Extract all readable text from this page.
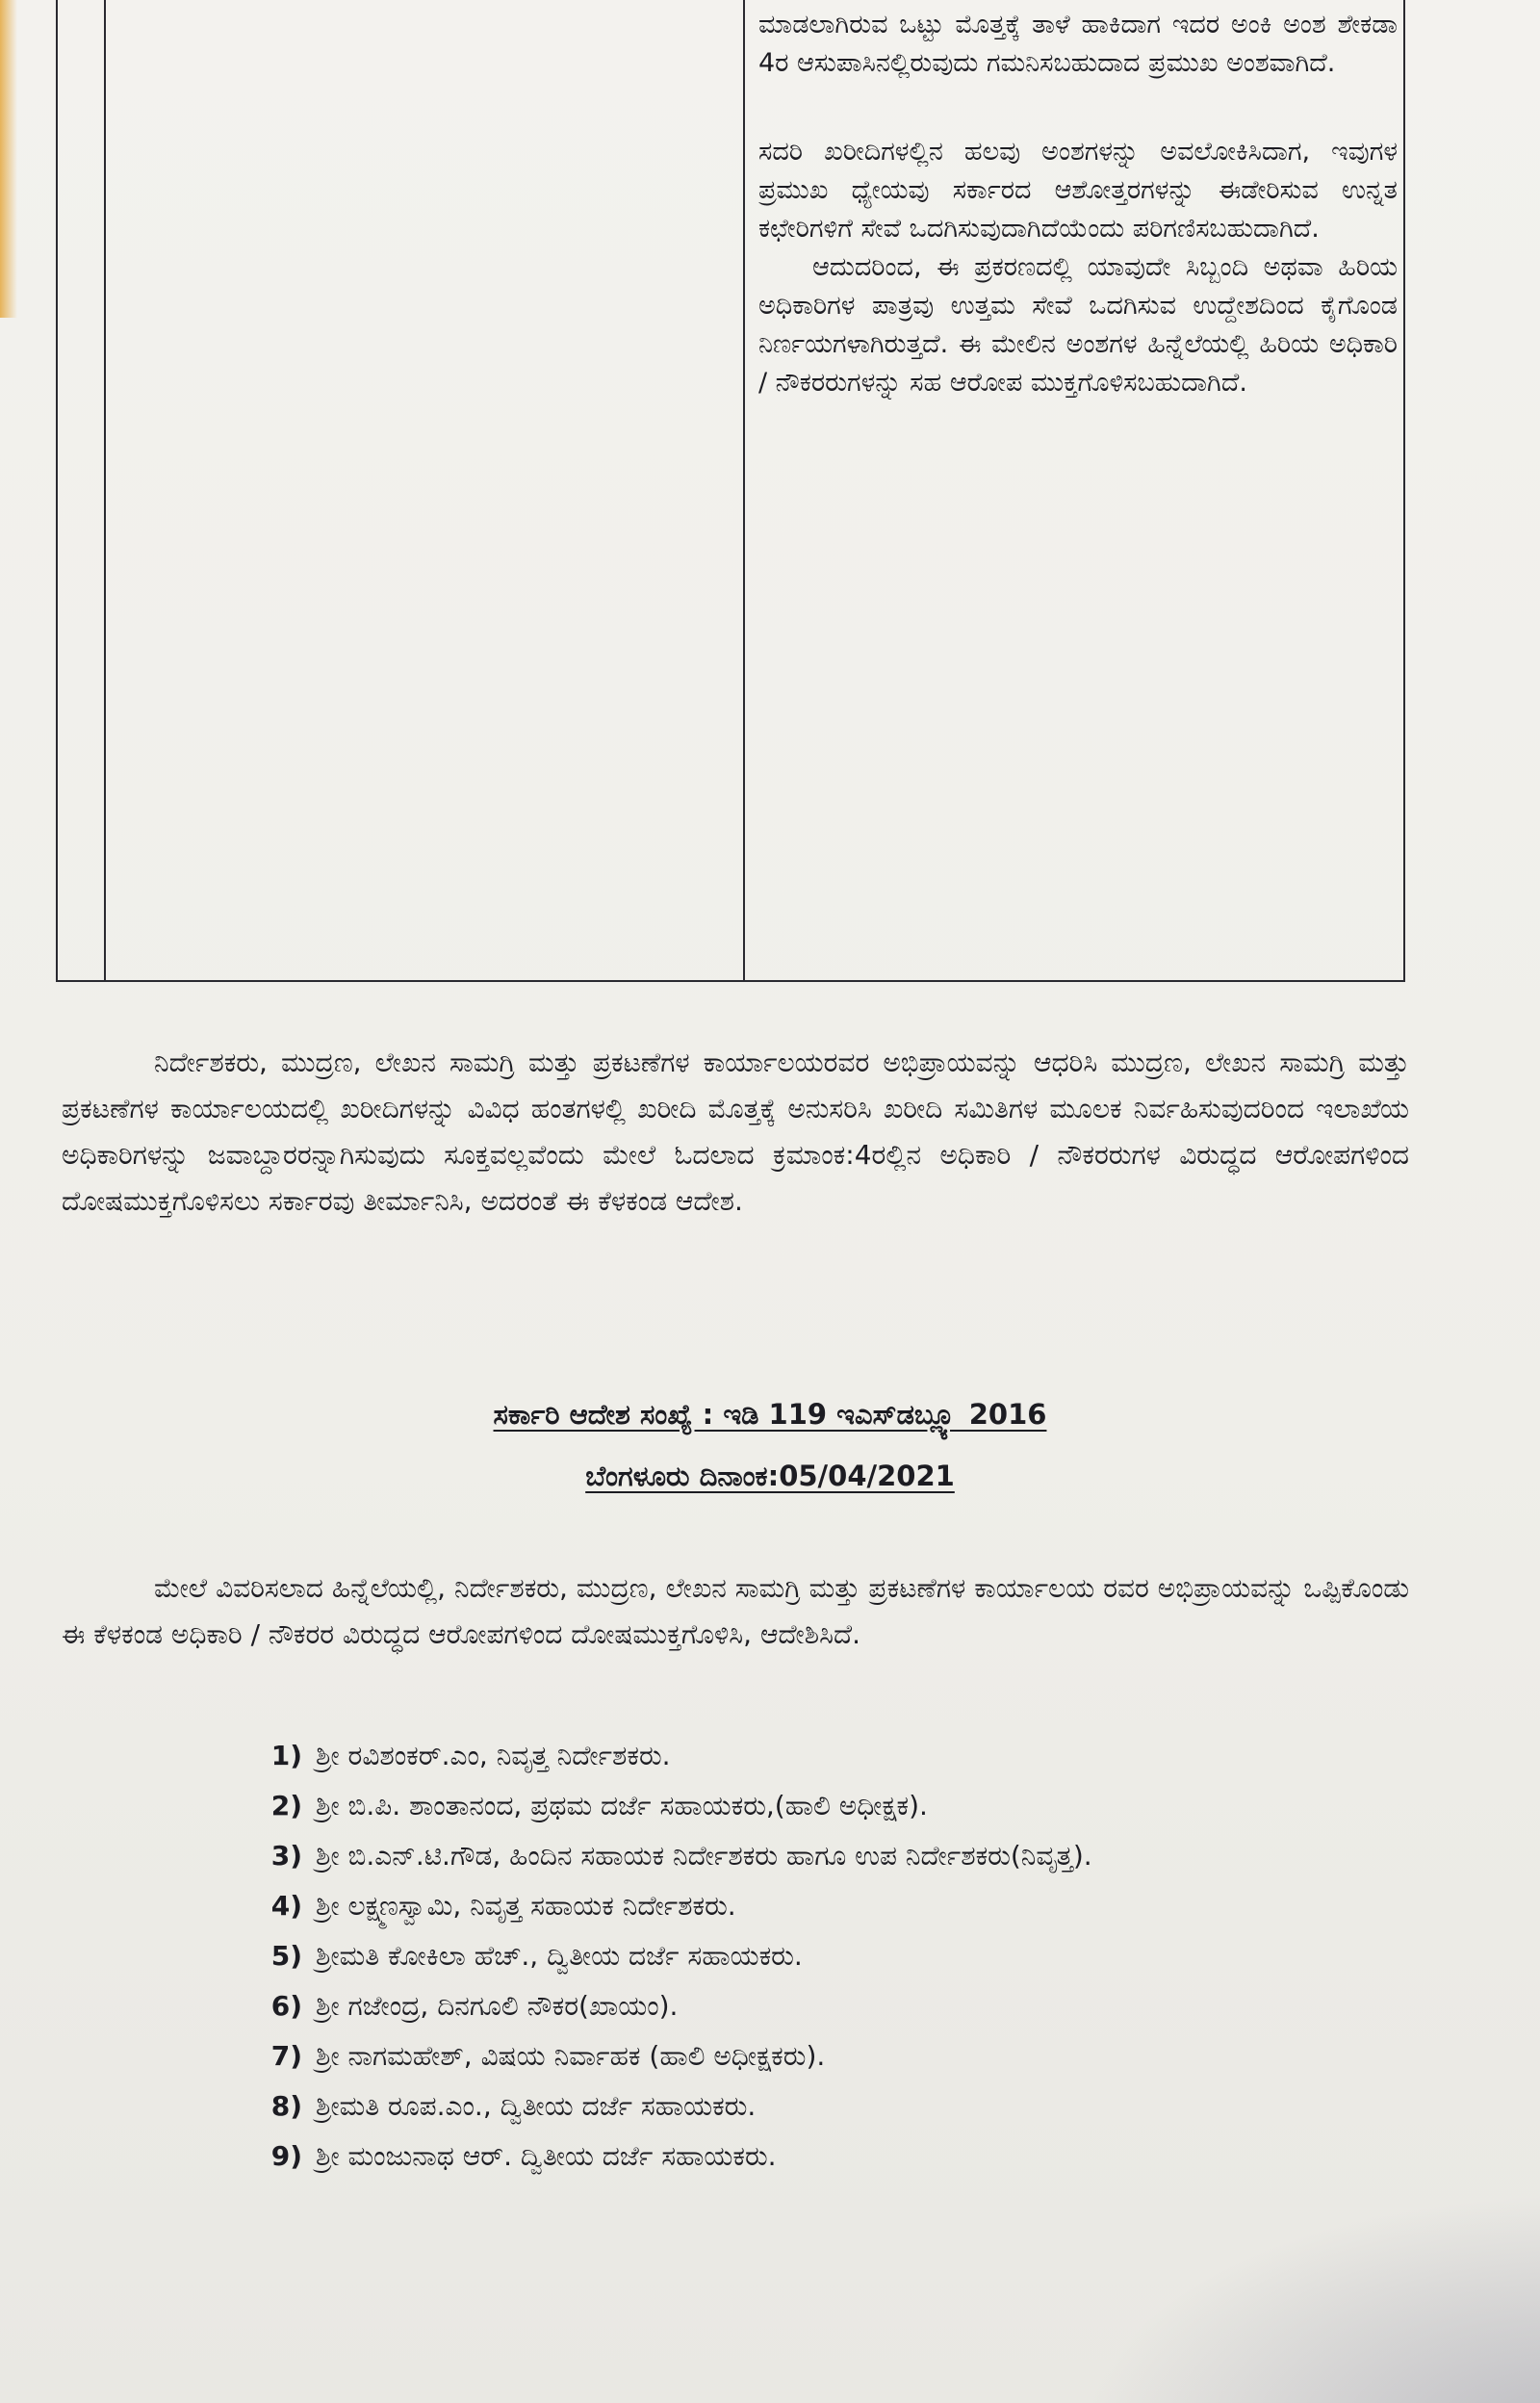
ಮಾಡಲಾಗಿರುವ ಒಟ್ಟು ಮೊತ್ತಕ್ಕೆ ತಾಳೆ ಹಾಕಿದಾಗ ಇದರ ಅಂಕಿ ಅಂಶ ಶೇಕಡಾ 4ರ ಆಸುಪಾಸಿನಲ್ಲಿರುವುದು ಗಮನಿಸಬಹುದಾದ ಪ್ರಮುಖ ಅಂಶವಾಗಿದೆ.

ಸದರಿ ಖರೀದಿಗಳಲ್ಲಿನ ಹಲವು ಅಂಶಗಳನ್ನು ಅವಲೋಕಿಸಿದಾಗ, ಇವುಗಳ ಪ್ರಮುಖ ಧ್ಯೇಯವು ಸರ್ಕಾರದ ಆಶೋತ್ತರಗಳನ್ನು ಈಡೇರಿಸುವ ಉನ್ನತ ಕಛೇರಿಗಳಿಗೆ ಸೇವೆ ಒದಗಿಸುವುದಾಗಿದೆಯೆಂದು ಪರಿಗಣಿಸಬಹುದಾಗಿದೆ.

ಆದುದರಿಂದ, ಈ ಪ್ರಕರಣದಲ್ಲಿ ಯಾವುದೇ ಸಿಬ್ಬಂದಿ ಅಥವಾ ಹಿರಿಯ ಅಧಿಕಾರಿಗಳ ಪಾತ್ರವು ಉತ್ತಮ ಸೇವೆ ಒದಗಿಸುವ ಉದ್ದೇಶದಿಂದ ಕೈಗೊಂಡ ನಿರ್ಣಯಗಳಾಗಿರುತ್ತದೆ. ಈ ಮೇಲಿನ ಅಂಶಗಳ ಹಿನ್ನೆಲೆಯಲ್ಲಿ ಹಿರಿಯ ಅಧಿಕಾರಿ / ನೌಕರರುಗಳನ್ನು ಸಹ ಆರೋಪ ಮುಕ್ತಗೊಳಿಸಬಹುದಾಗಿದೆ.

ನಿರ್ದೇಶಕರು, ಮುದ್ರಣ, ಲೇಖನ ಸಾಮಗ್ರಿ ಮತ್ತು ಪ್ರಕಟಣೆಗಳ ಕಾರ್ಯಾಲಯರವರ ಅಭಿಪ್ರಾಯವನ್ನು ಆಧರಿಸಿ ಮುದ್ರಣ, ಲೇಖನ ಸಾಮಗ್ರಿ ಮತ್ತು ಪ್ರಕಟಣೆಗಳ ಕಾರ್ಯಾಲಯದಲ್ಲಿ ಖರೀದಿಗಳನ್ನು ವಿವಿಧ ಹಂತಗಳಲ್ಲಿ ಖರೀದಿ ಮೊತ್ತಕ್ಕೆ ಅನುಸರಿಸಿ ಖರೀದಿ ಸಮಿತಿಗಳ ಮೂಲಕ ನಿರ್ವಹಿಸುವುದರಿಂದ ಇಲಾಖೆಯ ಅಧಿಕಾರಿಗಳನ್ನು ಜವಾಬ್ದಾರರನ್ನಾಗಿಸುವುದು ಸೂಕ್ತವಲ್ಲವೆಂದು ಮೇಲೆ ಓದಲಾದ ಕ್ರಮಾಂಕ:4ರಲ್ಲಿನ ಅಧಿಕಾರಿ / ನೌಕರರುಗಳ ವಿರುದ್ಧದ ಆರೋಪಗಳಿಂದ ದೋಷಮುಕ್ತಗೊಳಿಸಲು ಸರ್ಕಾರವು ತೀರ್ಮಾನಿಸಿ, ಅದರಂತೆ ಈ ಕೆಳಕಂಡ ಆದೇಶ.

ಸರ್ಕಾರಿ ಆದೇಶ ಸಂಖ್ಯೆ : ಇಡಿ 119 ಇಎಸ್‌ಡಬ್ಲ್ಯೂ 2016
ಬೆಂಗಳೂರು ದಿನಾಂಕ:05/04/2021

ಮೇಲೆ ವಿವರಿಸಲಾದ ಹಿನ್ನೆಲೆಯಲ್ಲಿ, ನಿರ್ದೇಶಕರು, ಮುದ್ರಣ, ಲೇಖನ ಸಾಮಗ್ರಿ ಮತ್ತು ಪ್ರಕಟಣೆಗಳ ಕಾರ್ಯಾಲಯ ರವರ ಅಭಿಪ್ರಾಯವನ್ನು ಒಪ್ಪಿಕೊಂಡು ಈ ಕೆಳಕಂಡ ಅಧಿಕಾರಿ / ನೌಕರರ ವಿರುದ್ಧದ ಆರೋಪಗಳಿಂದ ದೋಷಮುಕ್ತಗೊಳಿಸಿ, ಆದೇಶಿಸಿದೆ.

1) ಶ್ರೀ ರವಿಶಂಕರ್.ಎಂ, ನಿವೃತ್ತ ನಿರ್ದೇಶಕರು.
2) ಶ್ರೀ ಬಿ.ಪಿ. ಶಾಂತಾನಂದ, ಪ್ರಥಮ ದರ್ಜೆ ಸಹಾಯಕರು,(ಹಾಲಿ ಅಧೀಕ್ಷಕ).
3) ಶ್ರೀ ಬಿ.ಎನ್.ಟಿ.ಗೌಡ, ಹಿಂದಿನ ಸಹಾಯಕ ನಿರ್ದೇಶಕರು ಹಾಗೂ ಉಪ ನಿರ್ದೇಶಕರು(ನಿವೃತ್ತ).
4) ಶ್ರೀ ಲಕ್ಷ್ಮಣಸ್ವಾಮಿ, ನಿವೃತ್ತ ಸಹಾಯಕ ನಿರ್ದೇಶಕರು.
5) ಶ್ರೀಮತಿ ಕೋಕಿಲಾ ಹೆಚ್., ದ್ವಿತೀಯ ದರ್ಜೆ ಸಹಾಯಕರು.
6) ಶ್ರೀ ಗಜೇಂದ್ರ, ದಿನಗೂಲಿ ನೌಕರ(ಖಾಯಂ).
7) ಶ್ರೀ ನಾಗಮಹೇಶ್, ವಿಷಯ ನಿರ್ವಾಹಕ (ಹಾಲಿ ಅಧೀಕ್ಷಕರು).
8) ಶ್ರೀಮತಿ ರೂಪ.ಎಂ., ದ್ವಿತೀಯ ದರ್ಜೆ ಸಹಾಯಕರು.
9) ಶ್ರೀ ಮಂಜುನಾಥ ಆರ್. ದ್ವಿತೀಯ ದರ್ಜೆ ಸಹಾಯಕರು.
